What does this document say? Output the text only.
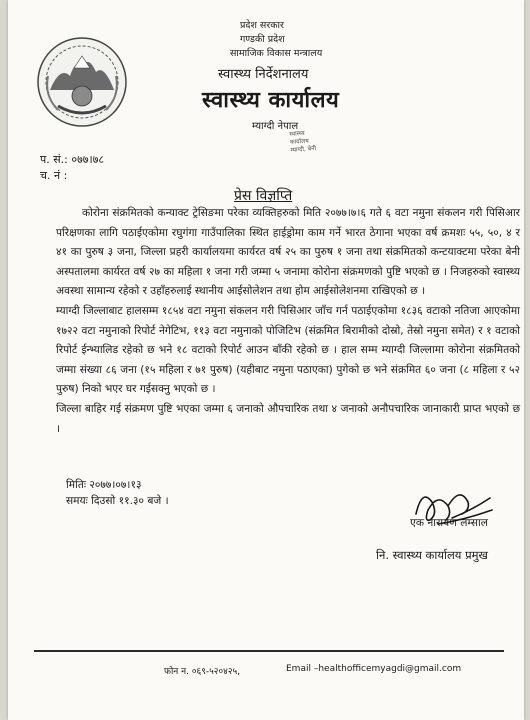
प्रदेश सरकार
गण्डकी प्रदेश
सामाजिक विकास मन्त्रालय
स्वास्थ्य निर्देशनालय
स्वास्थ्य कार्यालय
म्याग्दी नेपाल
स्वास्थ्य
कार्यालय
म्याग्दी, बेनी
प. सं.: ०७७।७८
च. नं :
प्रेस विज्ञप्ति

कोरोना संक्रमितको कन्याक्ट ट्रेसिङमा परेका व्यक्तिहरुको मिति २०७७।७।६ गते ६ वटा नमुना संकलन गरी पिसिआर परिक्षणका लागि पठाईएकोमा रघुगंगा गाउँपालिका स्थित हाईड्रोमा काम गर्ने भारत ठेगाना भएका वर्ष क्रमशः ५५, ५०, ४ र ४१ का पुरुष ३ जना, जिल्ला प्रहरी कार्यालयमा कार्यरत वर्ष २५ का पुरुष १ जना तथा संक्रमितको कन्टयाक्टमा परेका बेनी अस्पतालमा कार्यरत वर्ष २७ का महिला १ जना गरी जम्मा ५ जनामा कोरोना संक्रमणको पुष्टि भएको छ । निजहरुको स्वास्थ्य अवस्था सामान्य रहेको र उहाँहरुलाई स्थानीय आईसोलेशन तथा होम आईसोलेशनमा राखिएको छ ।

म्याग्दी जिल्लाबाट हालसम्म १८५४ वटा नमुना संकलन गरी पिसिआर जाँच गर्न पठाईएकोमा १८३६ वटाको नतिजा आएकोमा १७२२ वटा नमुनाको रिपोर्ट नेगेटिभ, ११३ वटा नमुनाको पोजिटिभ (संक्रमित बिरामीको दोस्रो, तेस्रो नमुना समेत) र १ वटाको रिपोर्ट ईन्भ्यालिड रहेको छ भने १८ वटाको रिपोर्ट आउन बाँकी रहेको छ । हाल सम्म म्याग्दी जिल्लामा कोरोना संक्रमितको जम्मा संख्या ८६ जना (१५ महिला र ७१ पुरुष) (यहीबाट नमुना पठाएका) पुगेको छ भने संक्रमित ६० जना (८ महिला र ५२ पुरुष) निको भएर घर गईसक्नु भएको छ ।

जिल्ला बाहिर गई संक्रमण पुष्टि भएका जम्मा ६ जनाको औपचारिक तथा ४ जनाको अनौपचारिक जानाकारी प्राप्त भएको छ ।

मितिः २०७७।०७।१३
समयः दिउसो ११.३० बजे ।
एक नारायण लम्साल
नि. स्वास्थ्य कार्यालय प्रमुख
फोन न. ०६९-५२०४२५,	Email –healthofficemyagdi@gmail.com
